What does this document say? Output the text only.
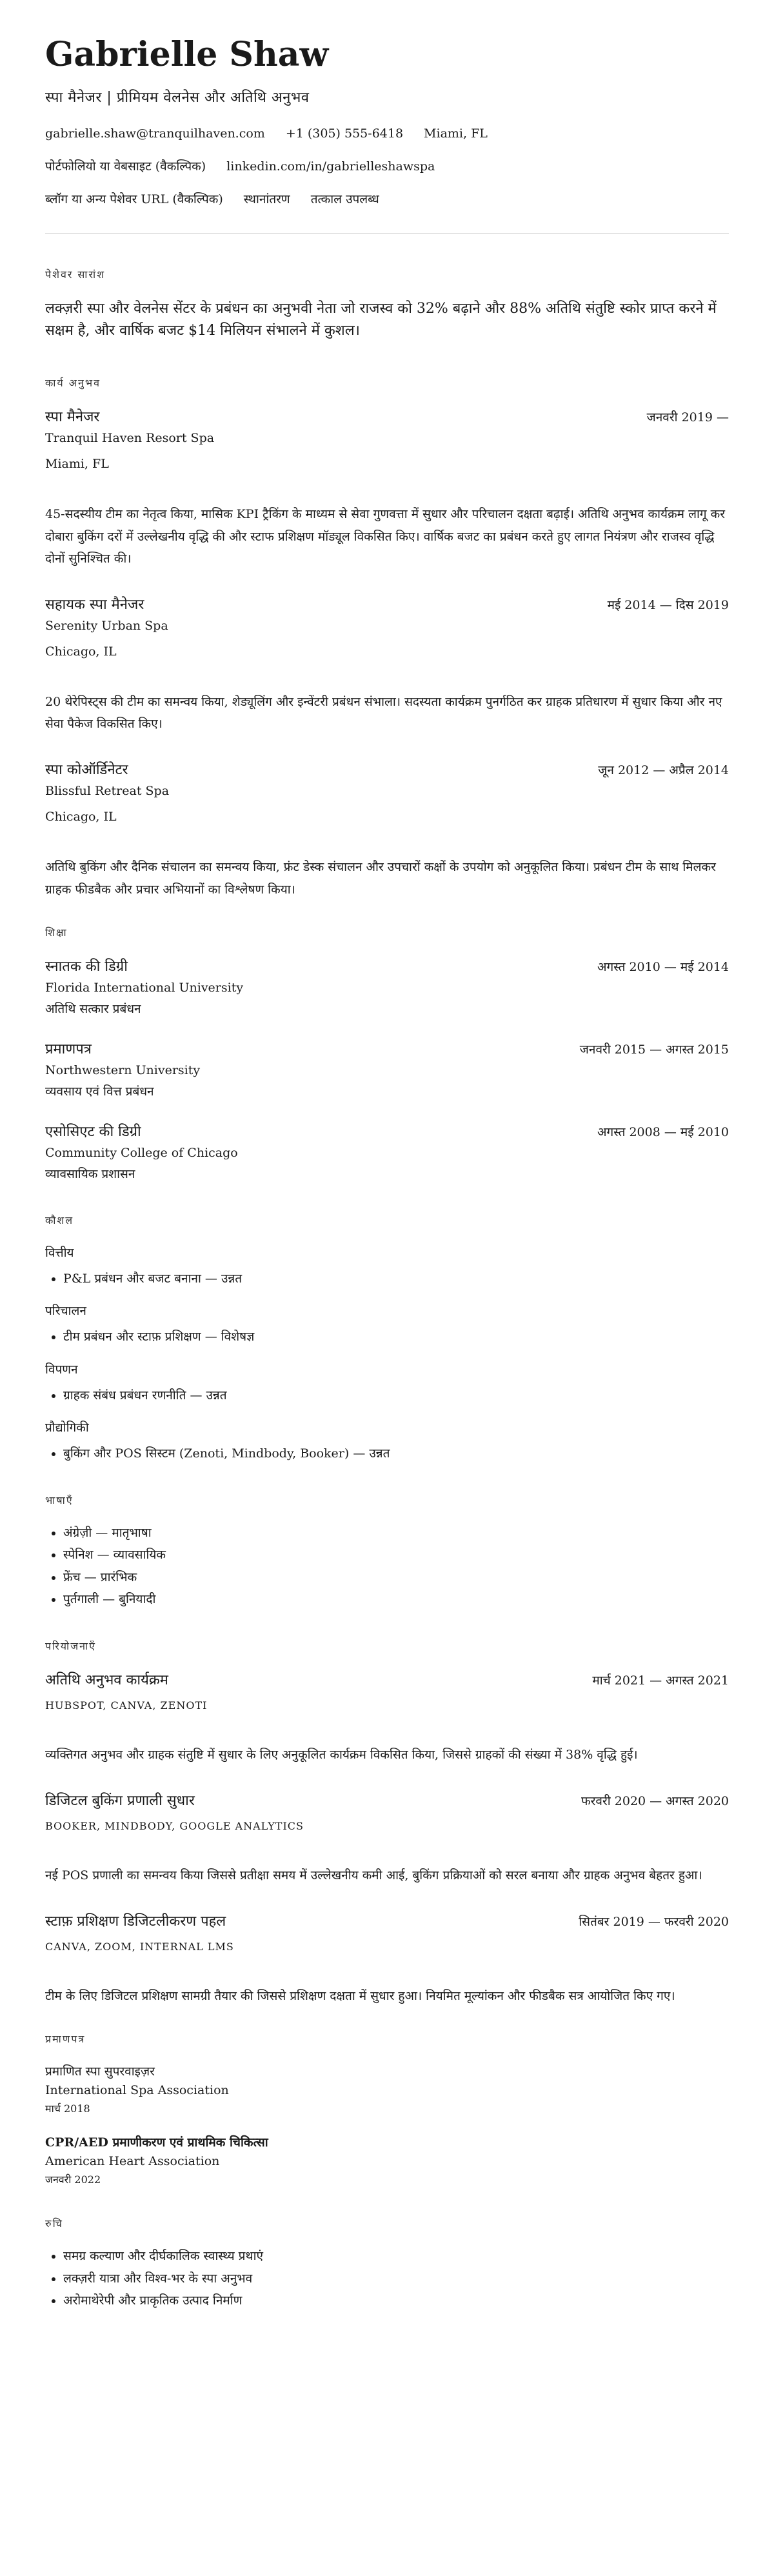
Gabrielle Shaw
स्पा मैनेजर | प्रीमियम वेलनेस और अतिथि अनुभव
gabrielle.shaw@tranquilhaven.com +1 (305) 555-6418 Miami, FL
पोर्टफोलियो या वेबसाइट (वैकल्पिक) linkedin.com/in/gabrielleshawspa
ब्लॉग या अन्य पेशेवर URL (वैकल्पिक) स्थानांतरण तत्काल उपलब्ध
पेशेवर सारांश
लक्ज़री स्पा और वेलनेस सेंटर के प्रबंधन का अनुभवी नेता जो राजस्व को 32% बढ़ाने और 88% अतिथि संतुष्टि स्कोर प्राप्त करने में सक्षम है, और वार्षिक बजट $14 मिलियन संभालने में कुशल।
कार्य अनुभव
स्पा मैनेजर	जनवरी 2019 —
Tranquil Haven Resort Spa
Miami, FL
45-सदस्यीय टीम का नेतृत्व किया, मासिक KPI ट्रैकिंग के माध्यम से सेवा गुणवत्ता में सुधार और परिचालन दक्षता बढ़ाई। अतिथि अनुभव कार्यक्रम लागू कर दोबारा बुकिंग दरों में उल्लेखनीय वृद्धि की और स्टाफ प्रशिक्षण मॉड्यूल विकसित किए। वार्षिक बजट का प्रबंधन करते हुए लागत नियंत्रण और राजस्व वृद्धि दोनों सुनिश्चित की।
सहायक स्पा मैनेजर	मई 2014 — दिस 2019
Serenity Urban Spa
Chicago, IL
20 थेरेपिस्ट्स की टीम का समन्वय किया, शेड्यूलिंग और इन्वेंटरी प्रबंधन संभाला। सदस्यता कार्यक्रम पुनर्गठित कर ग्राहक प्रतिधारण में सुधार किया और नए सेवा पैकेज विकसित किए।
स्पा कोऑर्डिनेटर	जून 2012 — अप्रैल 2014
Blissful Retreat Spa
Chicago, IL
अतिथि बुकिंग और दैनिक संचालन का समन्वय किया, फ्रंट डेस्क संचालन और उपचारों कक्षों के उपयोग को अनुकूलित किया। प्रबंधन टीम के साथ मिलकर ग्राहक फीडबैक और प्रचार अभियानों का विश्लेषण किया।
शिक्षा
स्नातक की डिग्री	अगस्त 2010 — मई 2014
Florida International University
अतिथि सत्कार प्रबंधन
प्रमाणपत्र	जनवरी 2015 — अगस्त 2015
Northwestern University
व्यवसाय एवं वित्त प्रबंधन
एसोसिएट की डिग्री	अगस्त 2008 — मई 2010
Community College of Chicago
व्यावसायिक प्रशासन
कौशल
वित्तीय
• P&L प्रबंधन और बजट बनाना — उन्नत
परिचालन
• टीम प्रबंधन और स्टाफ़ प्रशिक्षण — विशेषज्ञ
विपणन
• ग्राहक संबंध प्रबंधन रणनीति — उन्नत
प्रौद्योगिकी
• बुकिंग और POS सिस्टम (Zenoti, Mindbody, Booker) — उन्नत
भाषाएँ
• अंग्रेज़ी — मातृभाषा
• स्पेनिश — व्यावसायिक
• फ्रेंच — प्रारंभिक
• पुर्तगाली — बुनियादी
परियोजनाएँ
अतिथि अनुभव कार्यक्रम	मार्च 2021 — अगस्त 2021
HUBSPOT, CANVA, ZENOTI
व्यक्तिगत अनुभव और ग्राहक संतुष्टि में सुधार के लिए अनुकूलित कार्यक्रम विकसित किया, जिससे ग्राहकों की संख्या में 38% वृद्धि हुई।
डिजिटल बुकिंग प्रणाली सुधार	फरवरी 2020 — अगस्त 2020
BOOKER, MINDBODY, GOOGLE ANALYTICS
नई POS प्रणाली का समन्वय किया जिससे प्रतीक्षा समय में उल्लेखनीय कमी आई, बुकिंग प्रक्रियाओं को सरल बनाया और ग्राहक अनुभव बेहतर हुआ।
स्टाफ़ प्रशिक्षण डिजिटलीकरण पहल	सितंबर 2019 — फरवरी 2020
CANVA, ZOOM, INTERNAL LMS
टीम के लिए डिजिटल प्रशिक्षण सामग्री तैयार की जिससे प्रशिक्षण दक्षता में सुधार हुआ। नियमित मूल्यांकन और फीडबैक सत्र आयोजित किए गए।
प्रमाणपत्र
प्रमाणित स्पा सुपरवाइज़र
International Spa Association
मार्च 2018
CPR/AED प्रमाणीकरण एवं प्राथमिक चिकित्सा
American Heart Association
जनवरी 2022
रुचि
• समग्र कल्याण और दीर्घकालिक स्वास्थ्य प्रथाएं
• लक्ज़री यात्रा और विश्व-भर के स्पा अनुभव
• अरोमाथेरेपी और प्राकृतिक उत्पाद निर्माण
